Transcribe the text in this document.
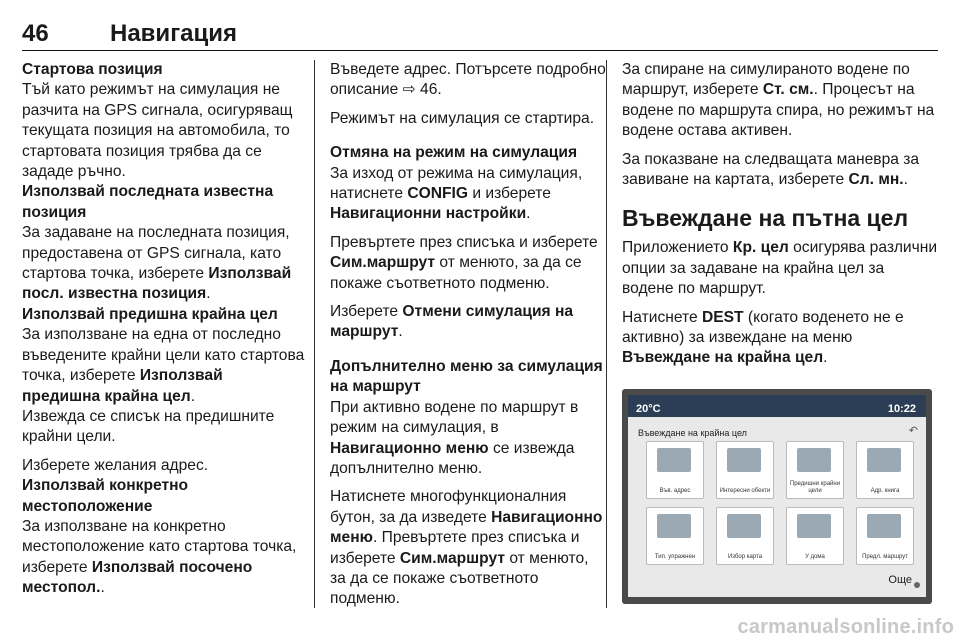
46	Навигация

Стартова позиция

Тъй като режимът на симулация не разчита на GPS сигнала, осигуряващ текущата позиция на автомобила, то стартовата позиция трябва да се зададе ръчно.

Използвай последната известна позиция

За задаване на последната позиция, предоставена от GPS сигнала, като стартова точка, изберете Използвай посл. известна позиция.

Използвай предишна крайна цел

За използване на една от последно въведените крайни цели като стартова точка, изберете Използвай предишна крайна цел.

Извежда се списък на предишните крайни цели.

Изберете желания адрес.

Използвай конкретно местоположение

За използване на конкретно местоположение като стартова точка, изберете Използвай посочено местопол..

Въведете адрес. Потърсете подробно описание ⇨ 46.

Режимът на симулация се стартира.

Отмяна на режим на симулация

За изход от режима на симулация, натиснете CONFIG и изберете Навигационни настройки.

Превъртете през списъка и изберете Сим.маршрут от менюто, за да се покаже съответното подменю.

Изберете Отмени симулация на маршрут.

Допълнително меню за симулация на маршрут

При активно водене по маршрут в режим на симулация, в Навигационно меню се извежда допълнително меню.

Натиснете многофункционалния бутон, за да изведете Навигационно меню. Превъртете през списъка и изберете Сим.маршрут от менюто, за да се покаже съответното подменю.

За спиране на симулираното водене по маршрут, изберете Ст. см.. Процесът на водене по маршрута спира, но режимът на водене остава активен.

За показване на следващата маневра за завиване на картата, изберете Сл. мн..

Въвеждане на пътна цел

Приложението Кр. цел осигурява различни опции за задаване на крайна цел за водене по маршрут.

Натиснете DEST (когато воденето не е активно) за извеждане на меню Въвеждане на крайна цел.

20°C	10:22
Въвеждане на крайна цел	↶
Във. адрес	Интересни обекти
Предишни крайни цели	Адр. книга
Тип. упражнен	Избор карта	У дома	Предл. маршрут
Още
carmanualsonline.info
